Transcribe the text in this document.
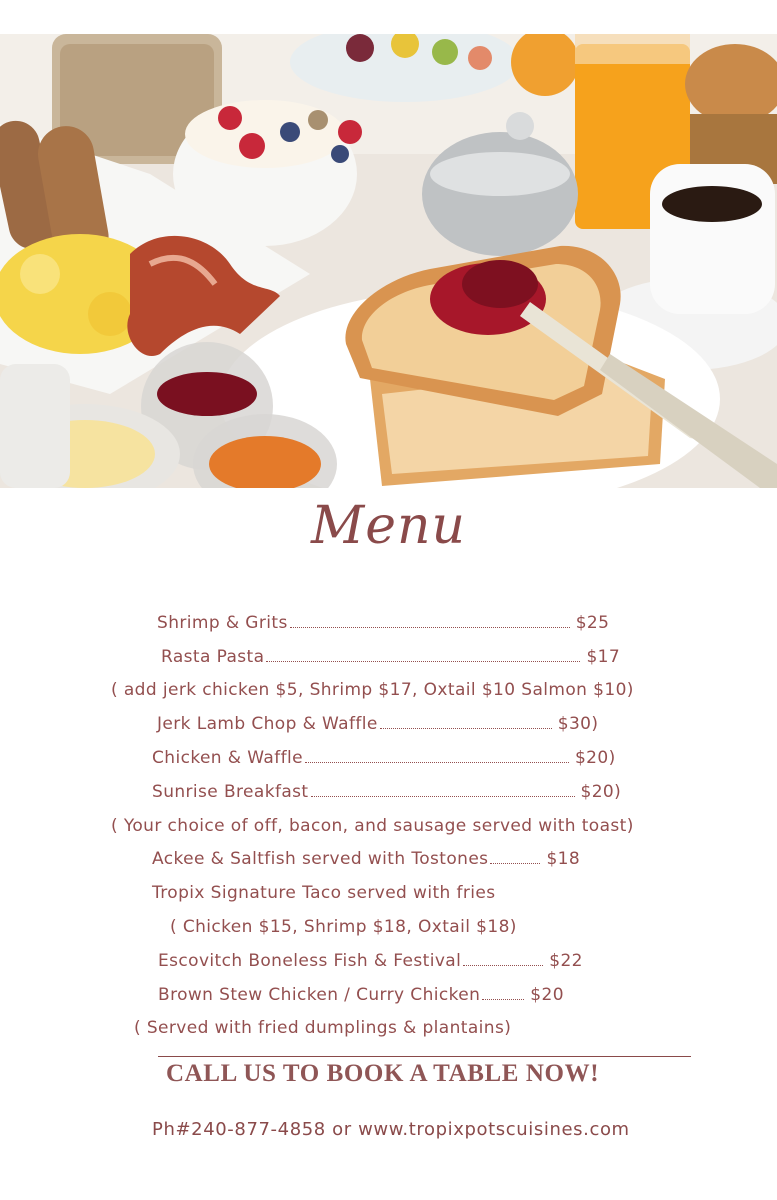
Menu
Shrimp & Grits	$25
Rasta Pasta	$17
( add jerk chicken $5, Shrimp $17, Oxtail $10 Salmon $10)
Jerk Lamb Chop & Waffle	$30)
Chicken & Waffle	$20)
Sunrise Breakfast	$20)
( Your choice of off, bacon, and sausage served with toast)
Ackee & Saltfish served with Tostones	$18
Tropix Signature Taco served with fries
( Chicken $15, Shrimp $18, Oxtail $18)
Escovitch Boneless Fish & Festival	$22
Brown Stew Chicken / Curry Chicken	$20
( Served with fried dumplings & plantains)
CALL US TO BOOK A TABLE NOW!
Ph#240-877-4858 or www.tropixpotscuisines.com
